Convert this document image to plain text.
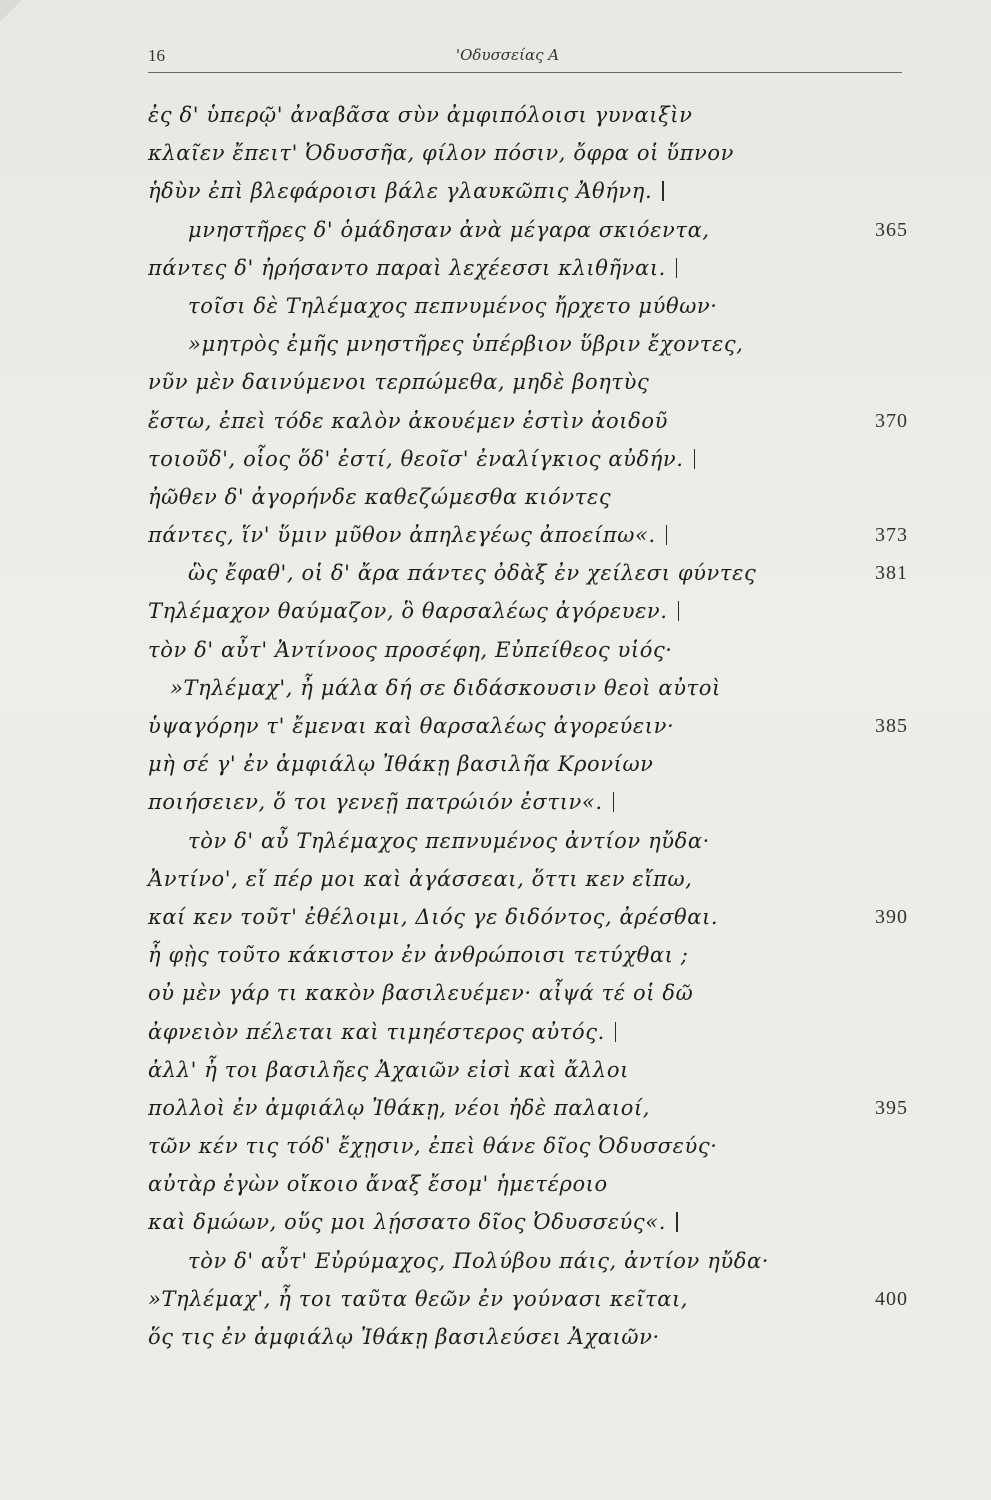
16	'Οδυσσείας Α
ἐς δ' ὑπερῷ' ἀναβᾶσα σὺν ἀμφιπόλοισι γυναιξὶν
κλαῖεν ἔπειτ' Ὀδυσσῆα, φίλον πόσιν, ὄφρα οἱ ὕπνον
ἡδὺν ἐπὶ βλεφάροισι βάλε γλαυκῶπις Ἀθήνη.
μνηστῆρες δ' ὁμάδησαν ἀνὰ μέγαρα σκιόεντα,	365
πάντες δ' ἠρήσαντο παραὶ λεχέεσσι κλιθῆναι.
τοῖσι δὲ Τηλέμαχος πεπνυμένος ἤρχετο μύθων·
»μητρὸς ἐμῆς μνηστῆρες ὑπέρβιον ὕβριν ἔχοντες,
νῦν μὲν δαινύμενοι τερπώμεθα, μηδὲ βοητὺς
ἔστω, ἐπεὶ τόδε καλὸν ἀκουέμεν ἐστὶν ἀοιδοῦ	370
τοιοῦδ', οἷος ὅδ' ἐστί, θεοῖσ' ἐναλίγκιος αὐδήν.
ἠῶθεν δ' ἀγορήνδε καθεζώμεσθα κιόντες
πάντες, ἵν' ὕμιν μῦθον ἀπηλεγέως ἀποείπω«.	373
ὣς ἔφαθ', οἱ δ' ἄρα πάντες ὀδὰξ ἐν χείλεσι φύντες	381
Τηλέμαχον θαύμαζον, ὃ θαρσαλέως ἀγόρευεν.
τὸν δ' αὖτ' Ἀντίνοος προσέφη, Εὐπείθεος υἱός·
»Τηλέμαχ', ἦ μάλα δή σε διδάσκουσιν θεοὶ αὐτοὶ
ὑψαγόρην τ' ἔμεναι καὶ θαρσαλέως ἀγορεύειν·	385
μὴ σέ γ' ἐν ἀμφιάλῳ Ἰθάκῃ βασιλῆα Κρονίων
ποιήσειεν, ὅ τοι γενεῇ πατρώιόν ἐστιν«.
τὸν δ' αὖ Τηλέμαχος πεπνυμένος ἀντίον ηὔδα·
Ἀντίνο', εἴ πέρ μοι καὶ ἀγάσσεαι, ὅττι κεν εἴπω,
καί κεν τοῦτ' ἐθέλοιμι, Διός γε διδόντος, ἀρέσθαι.	390
ἦ φῂς τοῦτο κάκιστον ἐν ἀνθρώποισι τετύχθαι ;
οὐ μὲν γάρ τι κακὸν βασιλευέμεν· αἶψά τέ οἱ δῶ
ἀφνειὸν πέλεται καὶ τιμηέστερος αὐτός.
ἀλλ' ἦ τοι βασιλῆες Ἀχαιῶν εἰσὶ καὶ ἄλλοι
πολλοὶ ἐν ἀμφιάλῳ Ἰθάκῃ, νέοι ἠδὲ παλαιοί,	395
τῶν κέν τις τόδ' ἔχῃσιν, ἐπεὶ θάνε δῖος Ὀδυσσεύς·
αὐτὰρ ἐγὼν οἴκοιο ἄναξ ἔσομ' ἡμετέροιο
καὶ δμώων, οὕς μοι λῄσσατο δῖος Ὀδυσσεύς«.
τὸν δ' αὖτ' Εὐρύμαχος, Πολύβου πάις, ἀντίον ηὔδα·
»Τηλέμαχ', ἦ τοι ταῦτα θεῶν ἐν γούνασι κεῖται,	400
ὅς τις ἐν ἀμφιάλῳ Ἰθάκῃ βασιλεύσει Ἀχαιῶν·
